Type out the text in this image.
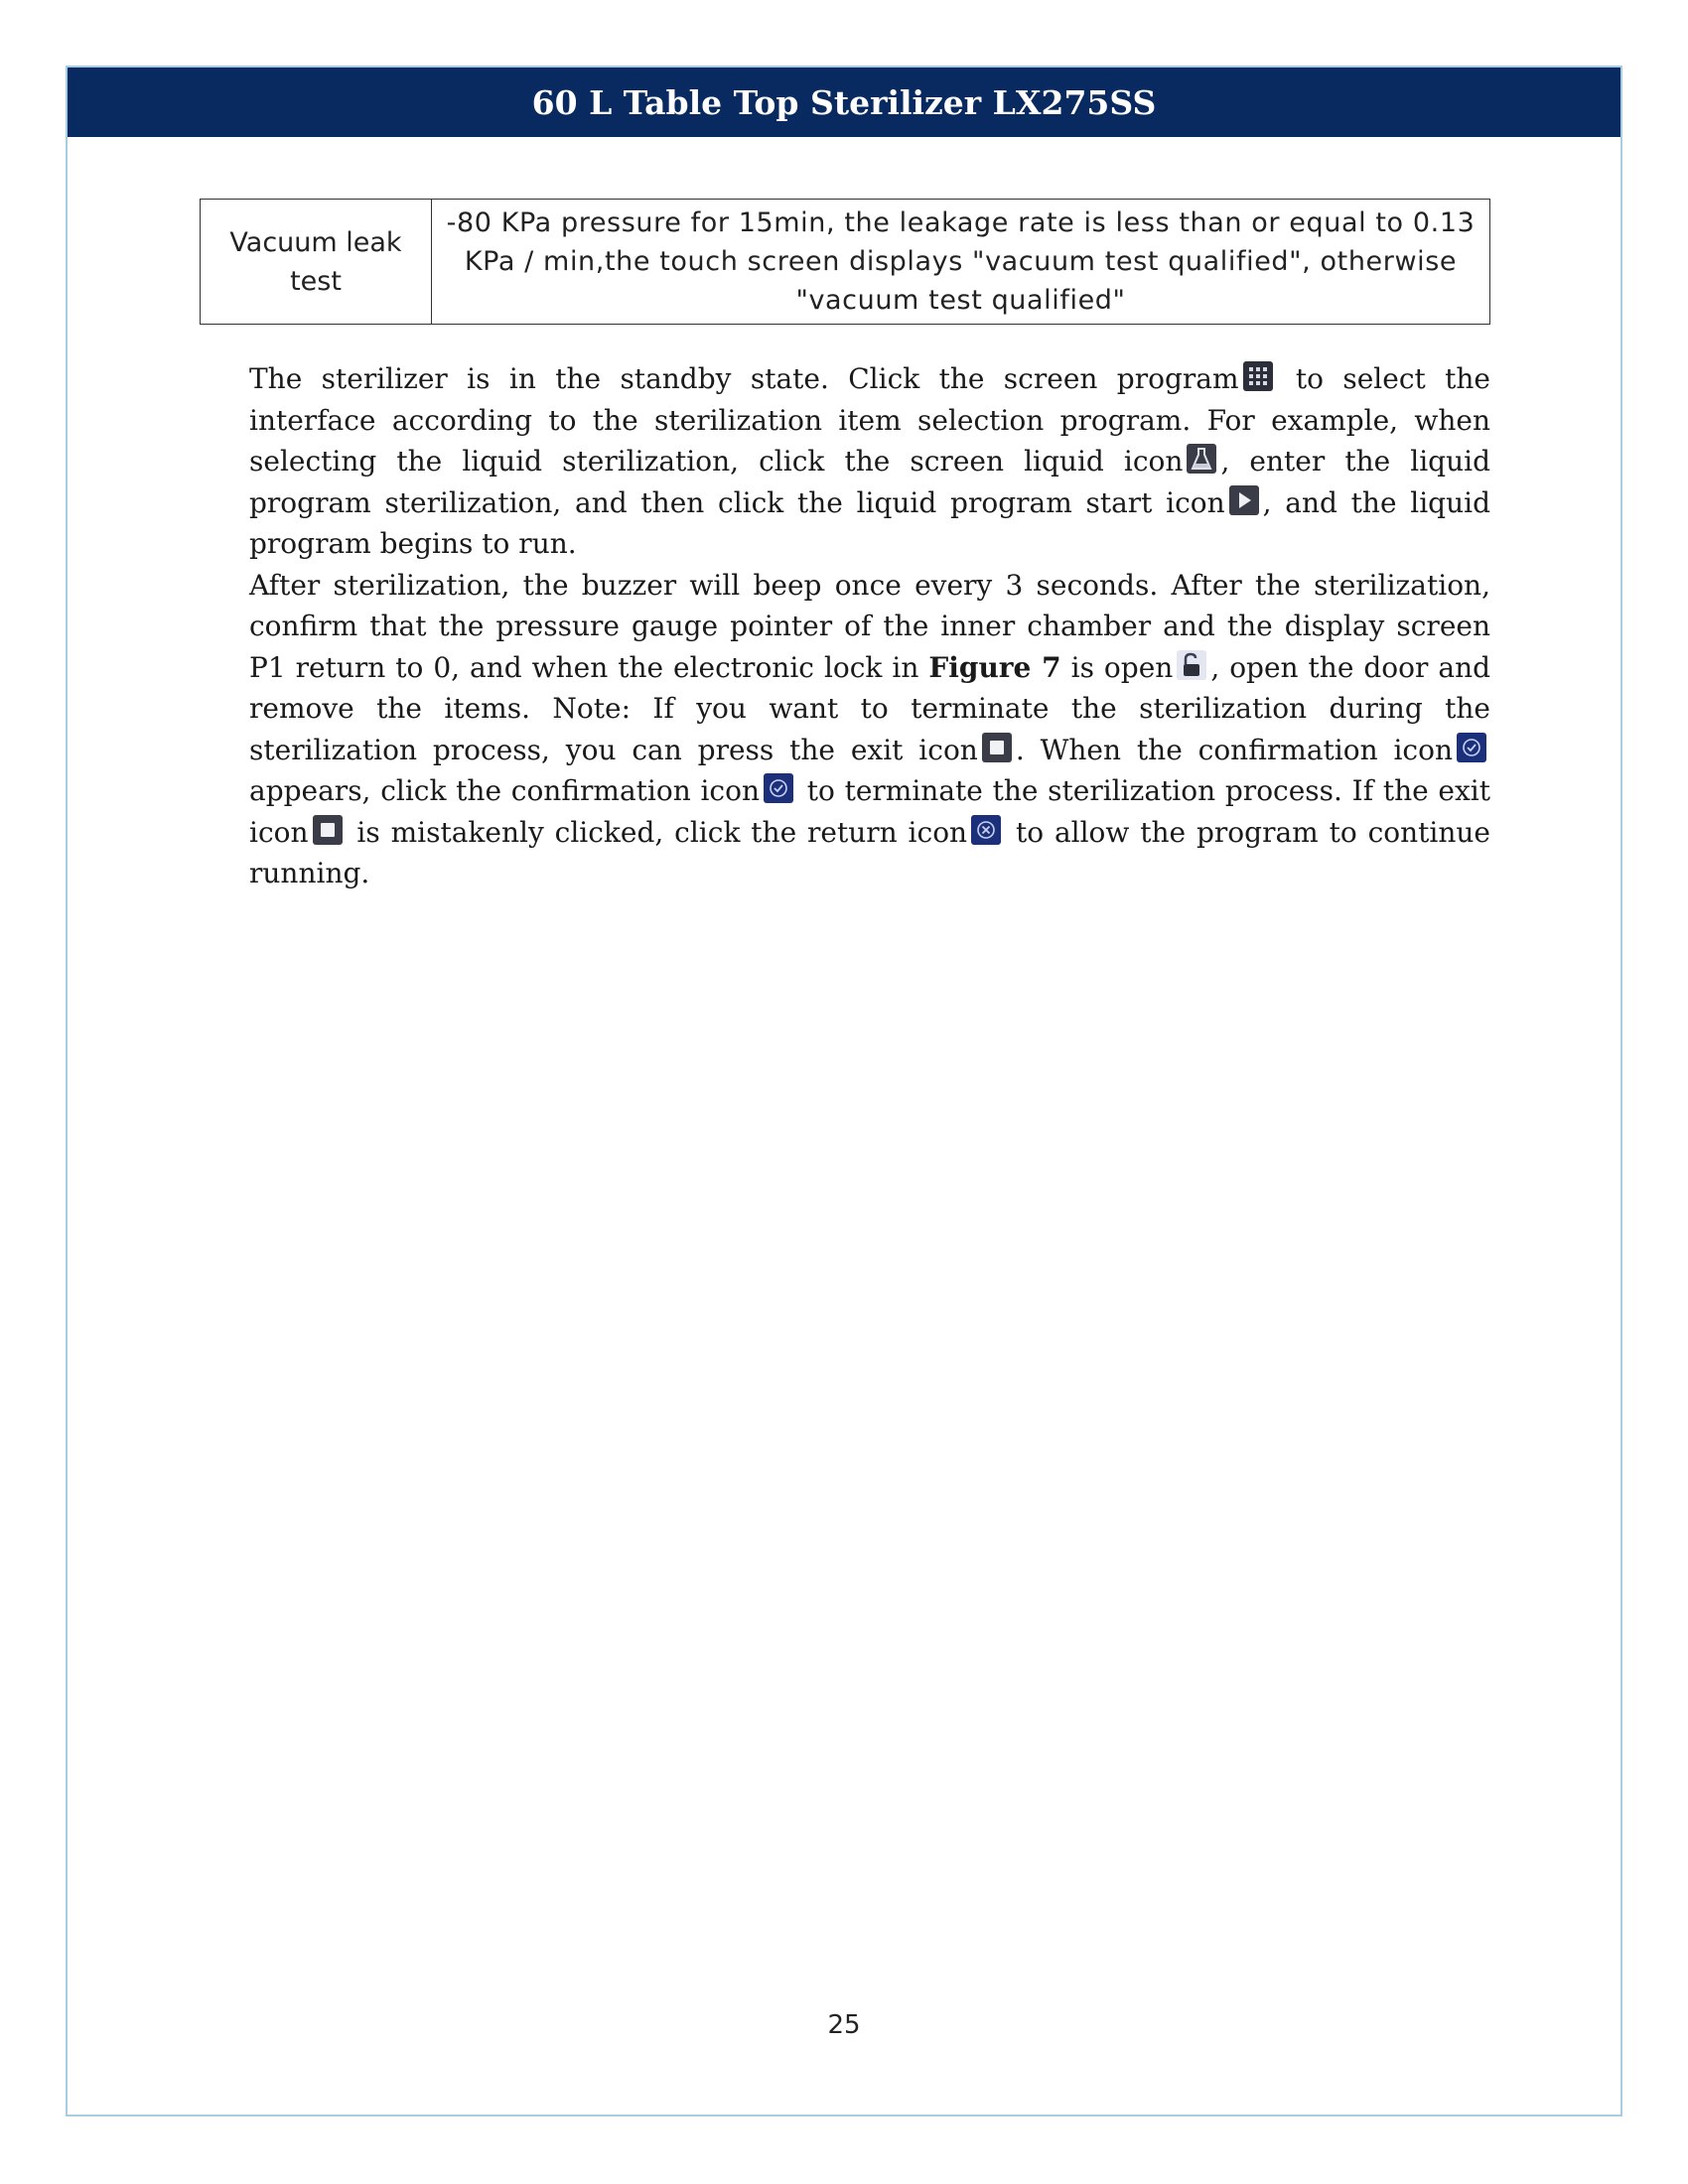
60 L Table Top Sterilizer LX275SS
Vacuum leak test	-80 KPa pressure for 15min, the leakage rate is less than or equal to 0.13 KPa / min,the touch screen displays "vacuum test qualified", otherwise "vacuum test qualified"

The sterilizer is in the standby state. Click the screen program
to select the interface according to the sterilization item selection program. For example, when selecting the liquid sterilization, click the screen liquid icon , enter the liquid program sterilization, and then click the liquid program start icon , and the liquid program begins to run.

After sterilization, the buzzer will beep once every 3 seconds. After the sterilization, confirm that the pressure gauge pointer of the inner chamber and the display screen P1 return to 0, and when the electronic lock in Figure 7 is open , open the door and remove the items. Note: If you want to terminate the sterilization during the sterilization process, you can press the exit icon . When the confirmation icon
appears, click the confirmation icon
to terminate the sterilization process. If the exit icon
is mistakenly clicked, click the return icon
to allow the program to continue running.

25
